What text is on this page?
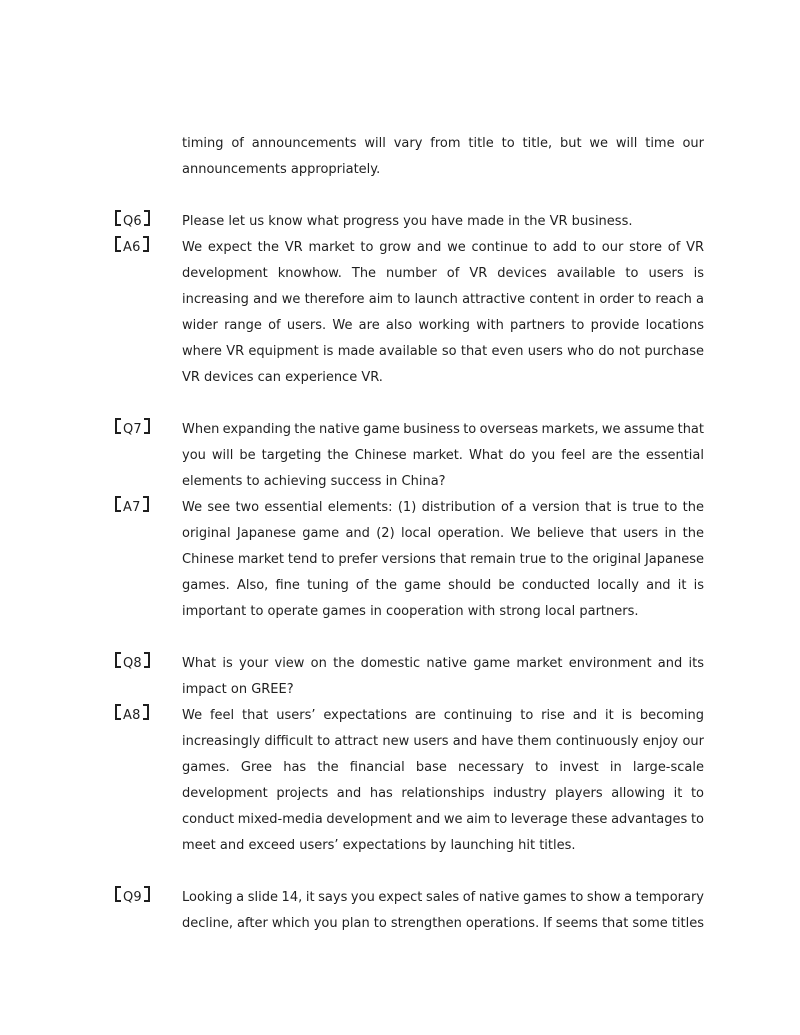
timing of announcements will vary from title to title, but we will time our
announcements appropriately.
Q6	Please let us know what progress you have made in the VR business.
A6	We expect the VR market to grow and we continue to add to our store of VR
development knowhow. The number of VR devices available to users is
increasing and we therefore aim to launch attractive content in order to reach a
wider range of users. We are also working with partners to provide locations
where VR equipment is made available so that even users who do not purchase
VR devices can experience VR.
Q7	When expanding the native game business to overseas markets, we assume that
you will be targeting the Chinese market. What do you feel are the essential
elements to achieving success in China?
A7	We see two essential elements: (1) distribution of a version that is true to the
original Japanese game and (2) local operation. We believe that users in the
Chinese market tend to prefer versions that remain true to the original Japanese
games. Also, fine tuning of the game should be conducted locally and it is
important to operate games in cooperation with strong local partners.
Q8	What is your view on the domestic native game market environment and its
impact on GREE?
A8	We feel that users’ expectations are continuing to rise and it is becoming
increasingly difficult to attract new users and have them continuously enjoy our
games. Gree has the financial base necessary to invest in large-scale
development projects and has relationships industry players allowing it to
conduct mixed-media development and we aim to leverage these advantages to
meet and exceed users’ expectations by launching hit titles.
Q9	Looking a slide 14, it says you expect sales of native games to show a temporary
decline, after which you plan to strengthen operations. If seems that some titles
